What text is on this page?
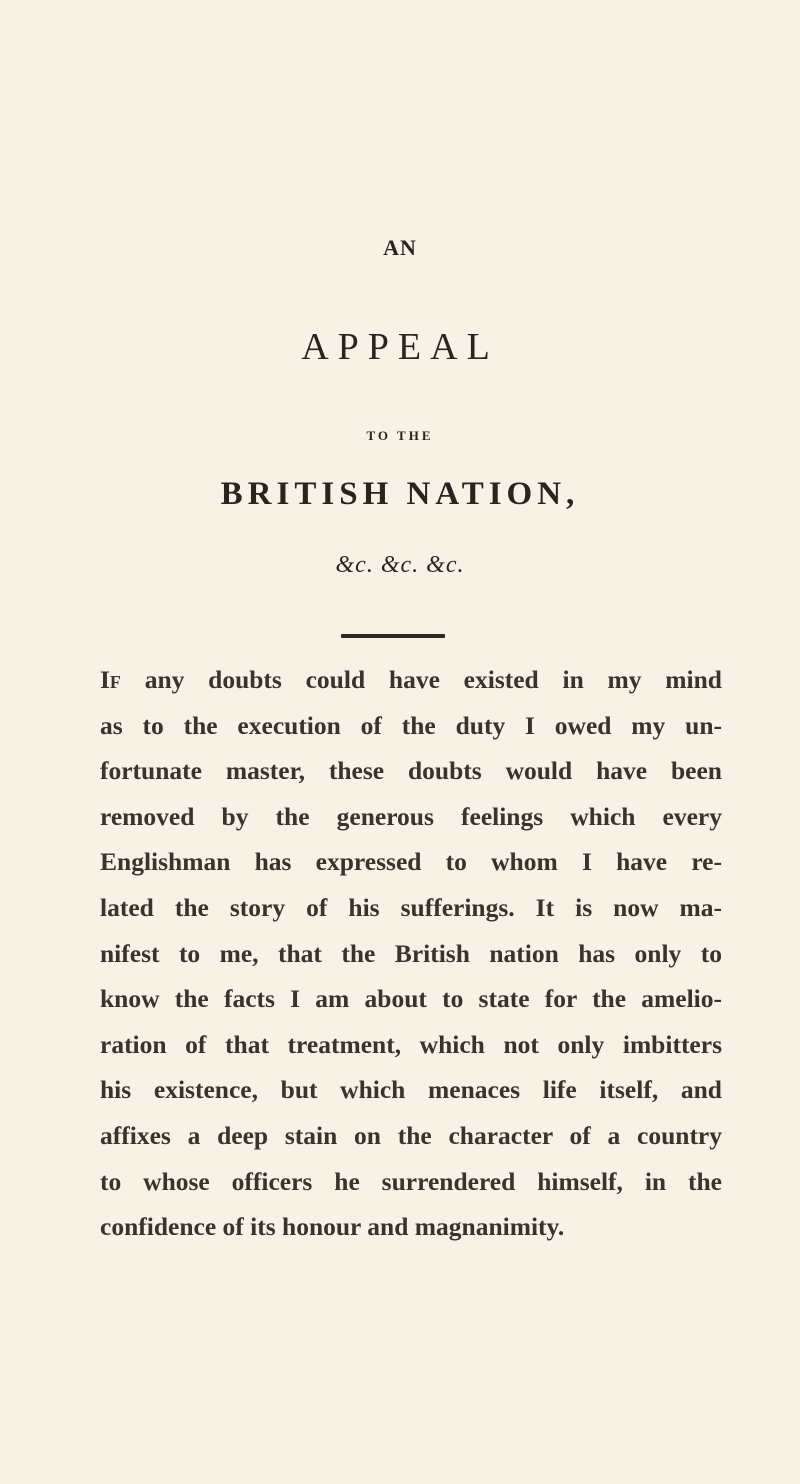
AN
APPEAL
TO THE
BRITISH NATION,
&c. &c. &c.
If any doubts could have existed in my mind
as to the execution of the duty I owed my un-
fortunate master, these doubts would have been
removed by the generous feelings which every
Englishman has expressed to whom I have re-
lated the story of his sufferings. It is now ma-
nifest to me, that the British nation has only to
know the facts I am about to state for the amelio-
ration of that treatment, which not only imbitters
his existence, but which menaces life itself, and
affixes a deep stain on the character of a country
to whose officers he surrendered himself, in the
confidence of its honour and magnanimity.
